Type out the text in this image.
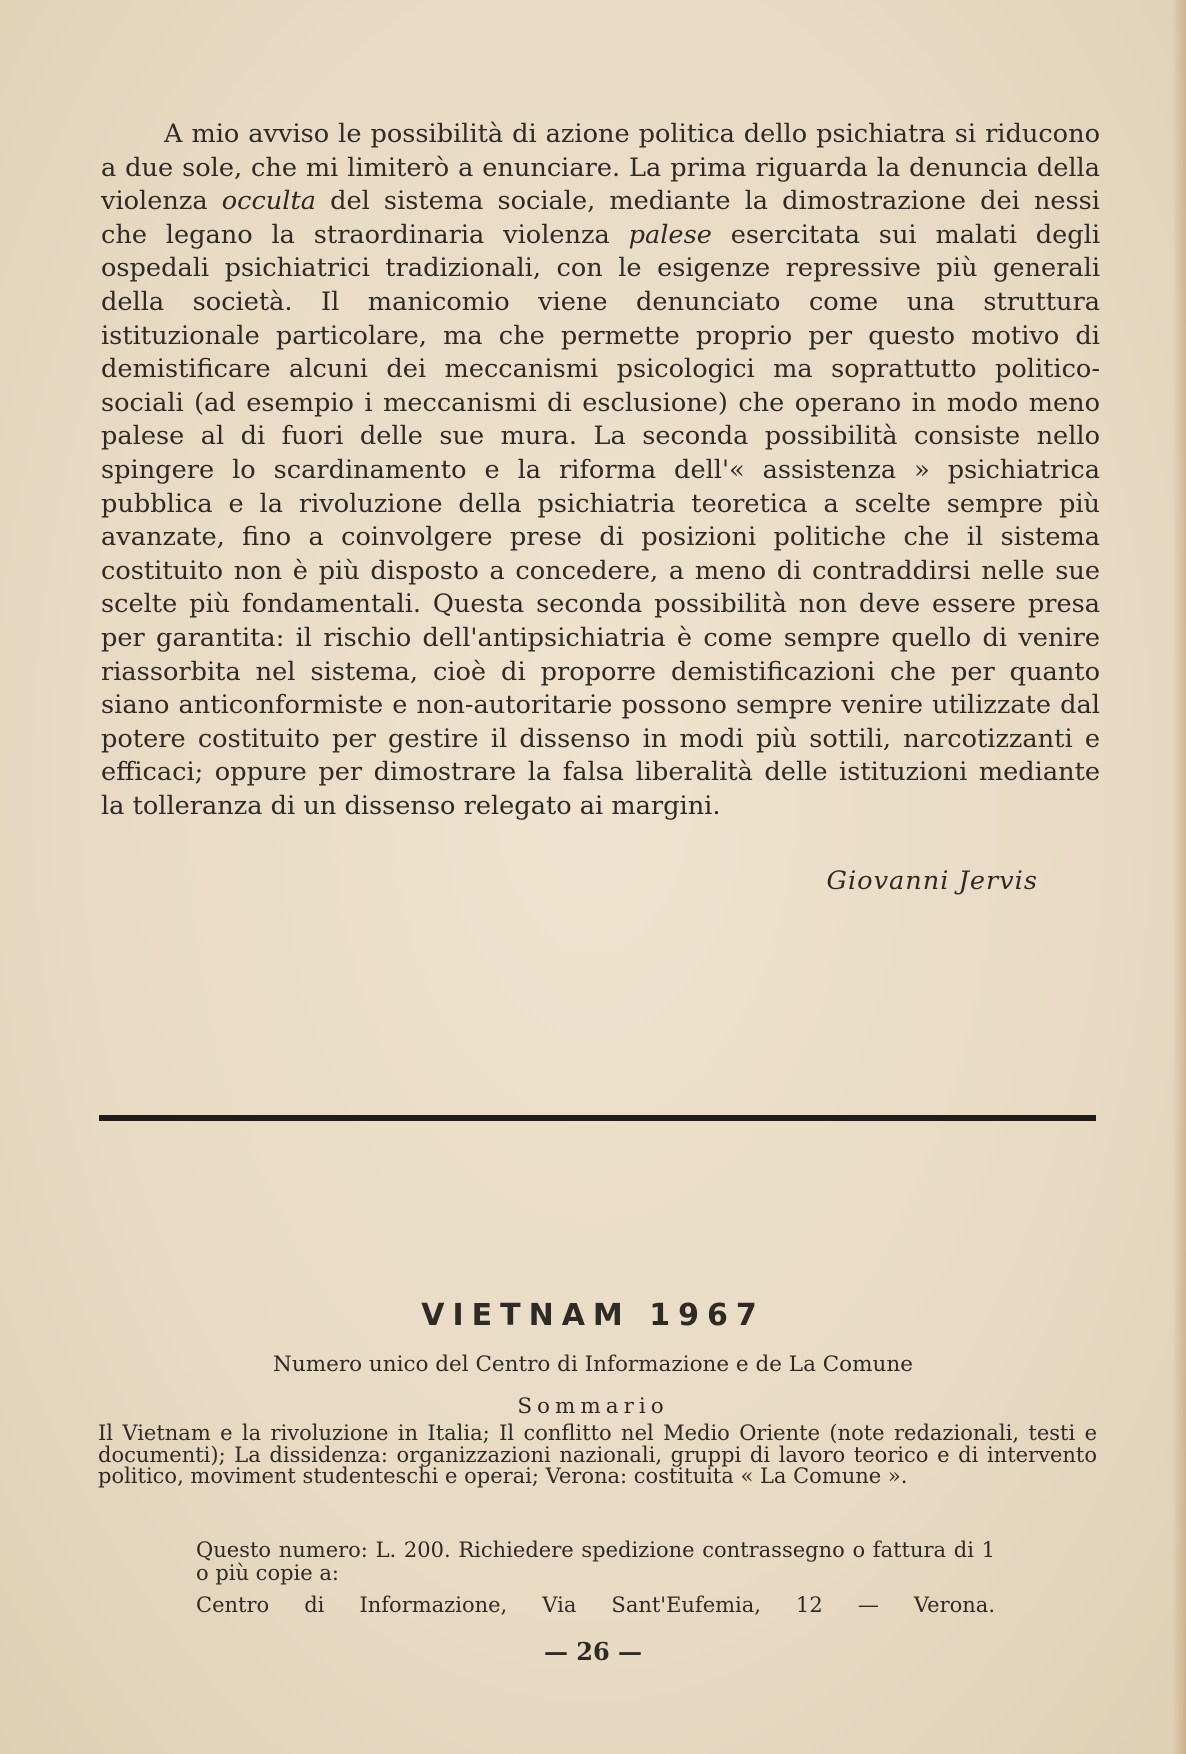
A mio avviso le possibilità di azione politica dello psichiatra si riducono a due sole, che mi limiterò a enunciare. La prima riguarda la denuncia della violenza occulta del sistema sociale, mediante la dimostrazione dei nessi che legano la straordinaria violenza palese esercitata sui malati degli ospedali psichiatrici tradizionali, con le esigenze repressive più generali della società. Il manicomio viene denunciato come una struttura istituzionale particolare, ma che permette proprio per questo motivo di demistificare alcuni dei meccanismi psicologici ma soprattutto politico-sociali (ad esempio i meccanismi di esclusione) che operano in modo meno palese al di fuori delle sue mura. La seconda possibilità consiste nello spingere lo scardinamento e la riforma dell'« assistenza » psichiatrica pubblica e la rivoluzione della psichiatria teoretica a scelte sempre più avanzate, fino a coinvolgere prese di posizioni politiche che il sistema costituito non è più disposto a concedere, a meno di contraddirsi nelle sue scelte più fondamentali. Questa seconda possibilità non deve essere presa per garantita: il rischio dell'antipsichiatria è come sempre quello di venire riassorbita nel sistema, cioè di proporre demistificazioni che per quanto siano anticonformiste e non-autoritarie possono sempre venire utilizzate dal potere costituito per gestire il dissenso in modi più sottili, narcotizzanti e efficaci; oppure per dimostrare la falsa liberalità delle istituzioni mediante la tolleranza di un dissenso relegato ai margini.

Giovanni Jervis
VIETNAM 1967
Numero unico del Centro di Informazione e de La Comune
Sommario
Il Vietnam e la rivoluzione in Italia; Il conflitto nel Medio Oriente (note redazionali, testi e documenti); La dissidenza: organizzazioni nazionali, gruppi di lavoro teorico e di intervento politico, moviment studenteschi e operai; Verona: costituita « La Comune ».
Questo numero: L. 200. Richiedere spedizione contrassegno o fattura di 1 o più copie a:
Centro di Informazione, Via Sant'Eufemia, 12 — Verona.
— 26 —
